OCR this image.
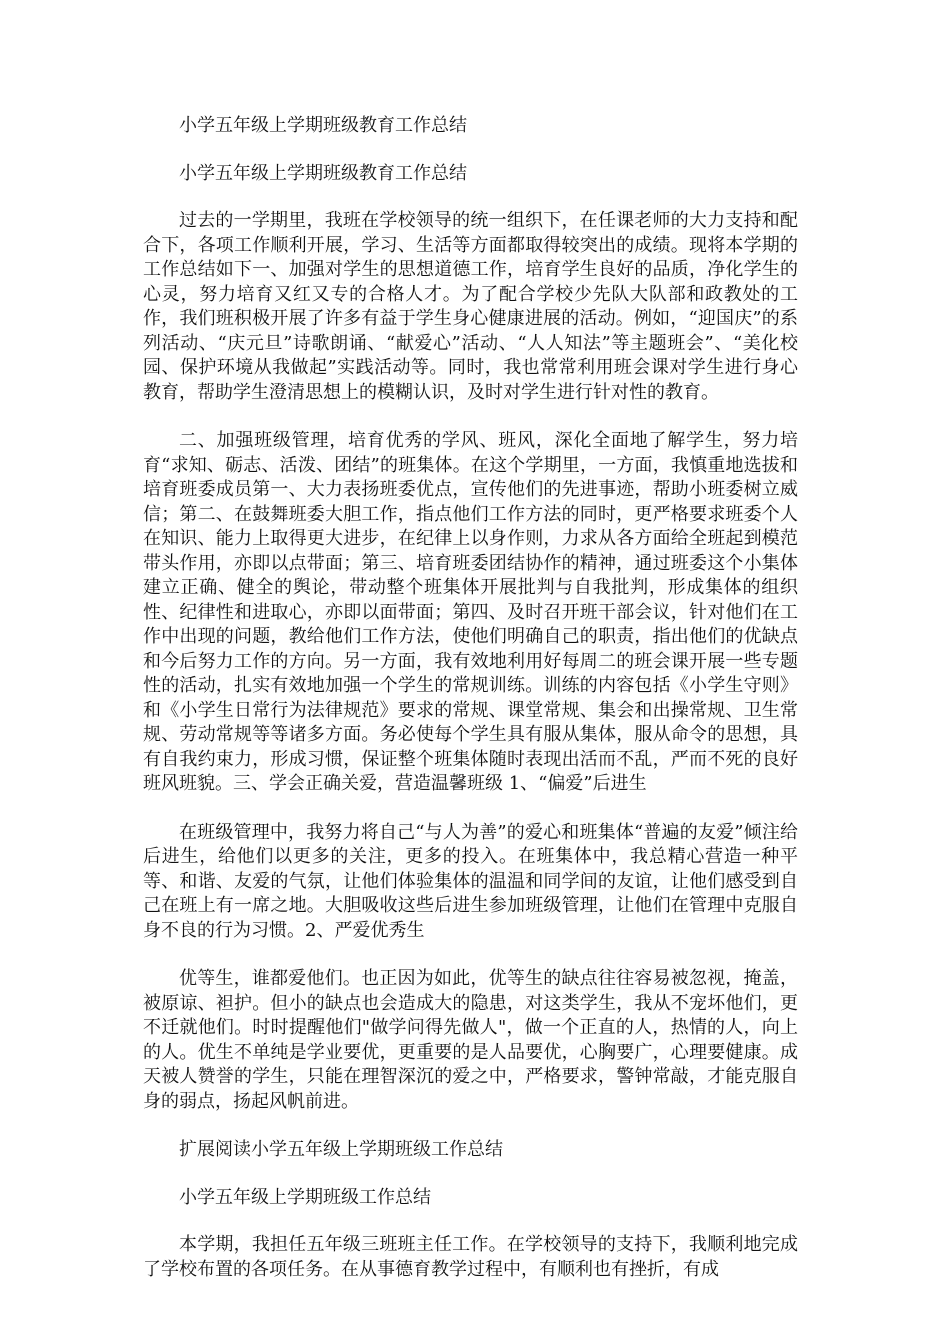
小学五年级上学期班级教育工作总结

小学五年级上学期班级教育工作总结

过去的一学期里，我班在学校领导的统一组织下，在任课老师的大力支持和配合下，各项工作顺利开展，学习、生活等方面都取得较突出的成绩。现将本学期的工作总结如下一、加强对学生的思想道德工作，培育学生良好的品质，净化学生的心灵，努力培育又红又专的合格人才。为了配合学校少先队大队部和政教处的工作，我们班积极开展了许多有益于学生身心健康进展的活动。例如，“迎国庆”的系列活动、“庆元旦”诗歌朗诵、“献爱心”活动、“人人知法”等主题班会”、“美化校园、保护环境从我做起”实践活动等。同时，我也常常利用班会课对学生进行身心教育，帮助学生澄清思想上的模糊认识，及时对学生进行针对性的教育。

二、加强班级管理，培育优秀的学风、班风，深化全面地了解学生，努力培育“求知、砺志、活泼、团结”的班集体。在这个学期里，一方面，我慎重地选拔和培育班委成员第一、大力表扬班委优点，宣传他们的先进事迹，帮助小班委树立威信；第二、在鼓舞班委大胆工作，指点他们工作方法的同时，更严格要求班委个人在知识、能力上取得更大进步，在纪律上以身作则，力求从各方面给全班起到模范带头作用，亦即以点带面；第三、培育班委团结协作的精神，通过班委这个小集体建立正确、健全的舆论，带动整个班集体开展批判与自我批判，形成集体的组织性、纪律性和进取心，亦即以面带面；第四、及时召开班干部会议，针对他们在工作中出现的问题，教给他们工作方法，使他们明确自己的职责，指出他们的优缺点和今后努力工作的方向。另一方面，我有效地利用好每周二的班会课开展一些专题性的活动，扎实有效地加强一个学生的常规训练。训练的内容包括《小学生守则》和《小学生日常行为法律规范》要求的常规、课堂常规、集会和出操常规、卫生常规、劳动常规等等诸多方面。务必使每个学生具有服从集体，服从命令的思想，具有自我约束力，形成习惯，保证整个班集体随时表现出活而不乱，严而不死的良好班风班貌。三、学会正确关爱，营造温馨班级 1、“偏爱”后进生

在班级管理中，我努力将自己“与人为善”的爱心和班集体“普遍的友爱”倾注给后进生，给他们以更多的关注，更多的投入。在班集体中，我总精心营造一种平等、和谐、友爱的气氛，让他们体验集体的温温和同学间的友谊，让他们感受到自己在班上有一席之地。大胆吸收这些后进生参加班级管理，让他们在管理中克服自身不良的行为习惯。2、严爱优秀生

优等生，谁都爱他们。也正因为如此，优等生的缺点往往容易被忽视，掩盖，被原谅、袒护。但小的缺点也会造成大的隐患，对这类学生，我从不宠坏他们，更不迁就他们。时时提醒他们"做学问得先做人"，做一个正直的人，热情的人，向上的人。优生不单纯是学业要优，更重要的是人品要优，心胸要广，心理要健康。成天被人赞誉的学生，只能在理智深沉的爱之中，严格要求，警钟常敲，才能克服自身的弱点，扬起风帆前进。

扩展阅读小学五年级上学期班级工作总结

小学五年级上学期班级工作总结

本学期，我担任五年级三班班主任工作。在学校领导的支持下，我顺利地完成了学校布置的各项任务。在从事德育教学过程中，有顺利也有挫折，有成
